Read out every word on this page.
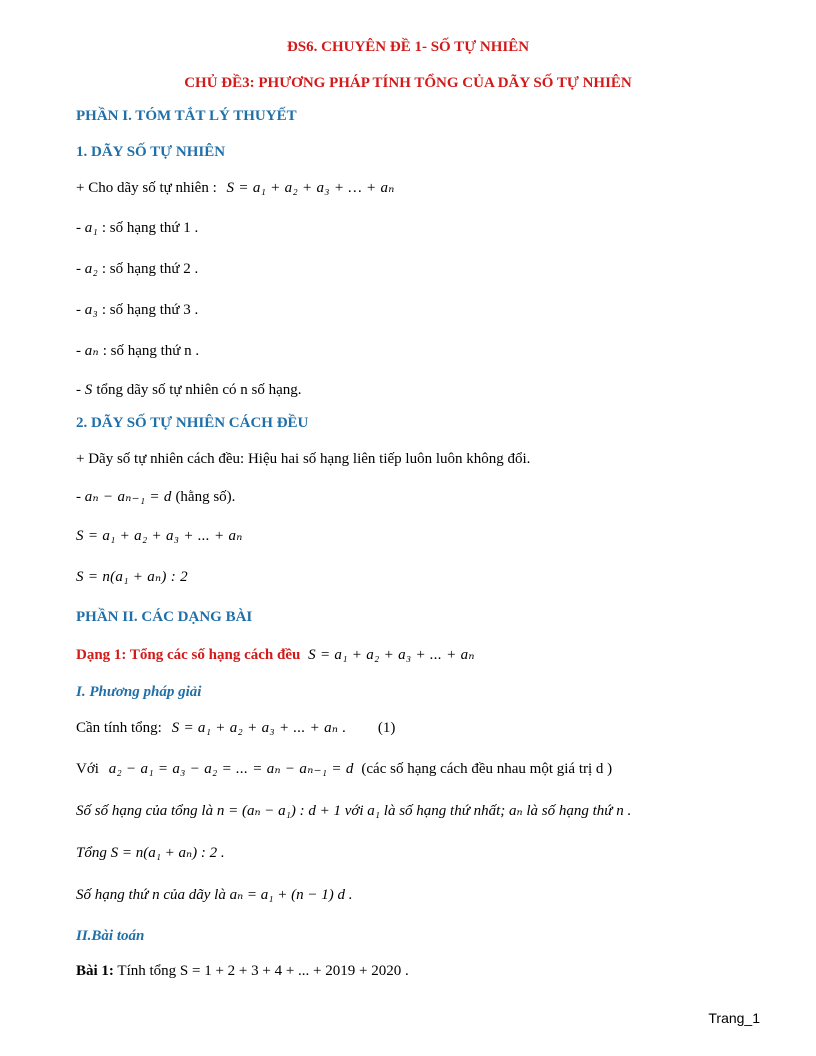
ĐS6. CHUYÊN ĐỀ 1- SỐ TỰ NHIÊN
CHỦ ĐỀ3: PHƯƠNG PHÁP TÍNH TỔNG CỦA DÃY SỐ TỰ NHIÊN
PHẦN I. TÓM TẮT LÝ THUYẾT
1. DÃY SỐ TỰ NHIÊN
+ Cho dãy số tự nhiên : S = a₁ + a₂ + a₃ + … + aₙ
- a₁ : số hạng thứ 1 .
- a₂ : số hạng thứ 2 .
- a₃ : số hạng thứ 3 .
- aₙ : số hạng thứ n .
- S tổng dãy số tự nhiên có n số hạng.
2. DÃY SỐ TỰ NHIÊN CÁCH ĐỀU
+ Dãy số tự nhiên cách đều: Hiệu hai số hạng liên tiếp luôn luôn không đổi.
- aₙ − aₙ₋₁ = d (hằng số).
S = a₁ + a₂ + a₃ + ... + aₙ
S = n(a₁ + aₙ) : 2
PHẦN II. CÁC DẠNG BÀI
Dạng 1: Tổng các số hạng cách đều S = a₁ + a₂ + a₃ + ... + aₙ
I. Phương pháp giải
Cần tính tổng: S = a₁ + a₂ + a₃ + ... + aₙ . (1)
Với a₂ − a₁ = a₃ − a₂ = ... = aₙ − aₙ₋₁ = d (các số hạng cách đều nhau một giá trị d )
Số số hạng của tổng là n = (aₙ − a₁) : d + 1 với a₁ là số hạng thứ nhất; aₙ là số hạng thứ n .
Tổng S = n(a₁ + aₙ) : 2 .
Số hạng thứ n của dãy là aₙ = a₁ + (n − 1) d .
II.Bài toán
Bài 1: Tính tổng S = 1 + 2 + 3 + 4 + ... + 2019 + 2020 .
Trang_1
